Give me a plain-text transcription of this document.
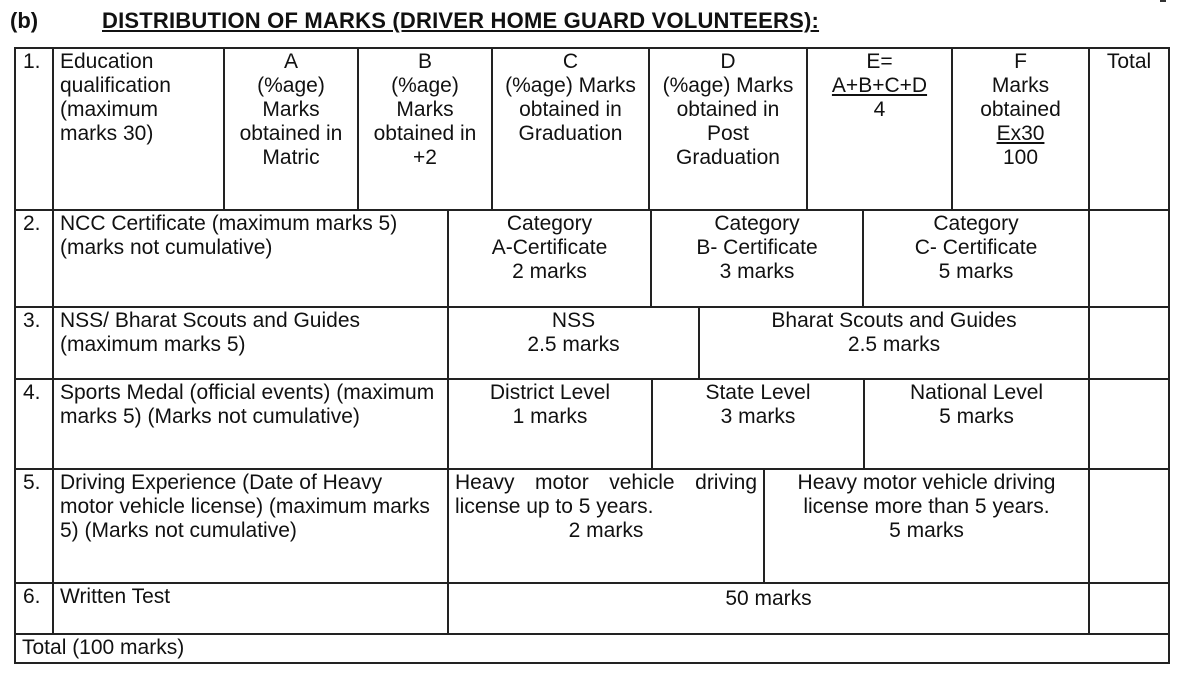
(b)	DISTRIBUTION OF MARKS (DRIVER HOME GUARD VOLUNTEERS):
1. Education qualification (maximum marks 30)
A
(%age) Marks obtained in Matric
B
(%age) Marks obtained in +2
C
(%age) Marks obtained in Graduation
D
(%age) Marks obtained in Post Graduation
E=
A+B+C+D
4
F
Marks obtained
Ex30
100
Total
2. NCC Certificate (maximum marks 5) (marks not cumulative)
Category
A-Certificate
2 marks
Category
B- Certificate
3 marks
Category
C- Certificate
5 marks
3. NSS/ Bharat Scouts and Guides (maximum marks 5)
NSS
2.5 marks
Bharat Scouts and Guides
2.5 marks
4. Sports Medal (official events) (maximum marks 5) (Marks not cumulative)
District Level
1 marks
State Level
3 marks
National Level
5 marks
5. Driving Experience (Date of Heavy motor vehicle license) (maximum marks 5) (Marks not cumulative)
Heavy motor vehicle driving license up to 5 years.
2 marks
Heavy motor vehicle driving license more than 5 years.
5 marks
6. Written Test	50 marks
Total (100 marks)
